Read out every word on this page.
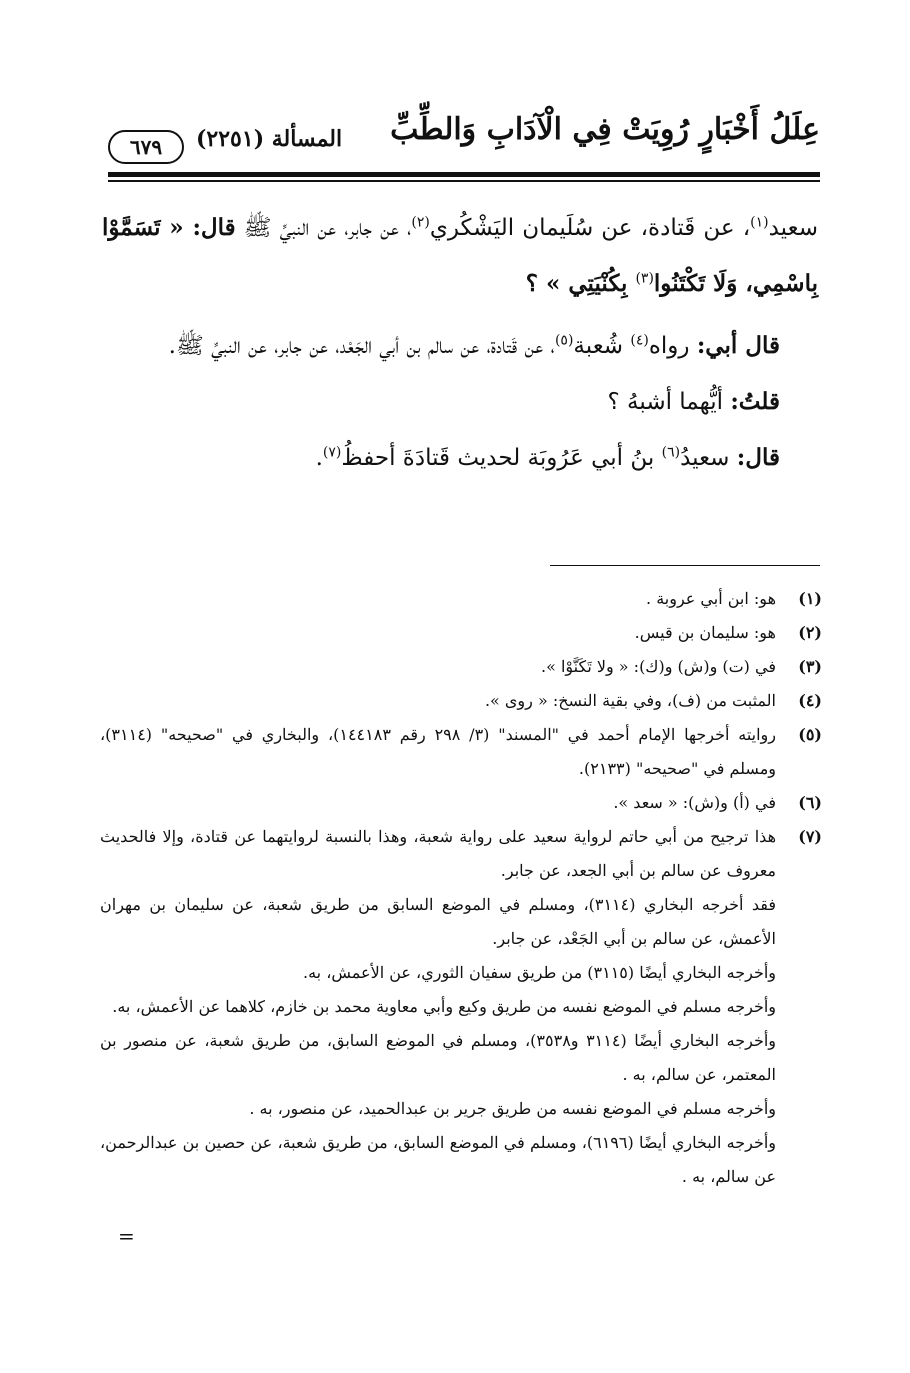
عِلَلُ أَخْبَارٍ رُوِيَتْ فِي الْآدَابِ وَالطِّبِّ
المسألة (٢٢٥١)
٦٧٩

سعيد$^{(١)}$، عن قَتادة، عن سُلَيمان اليَشْكُري$^{(٢)}$، عن جابر، عن النبيِّ ﷺ قال: « تَسَمَّوْا بِاسْمِي، وَلَا تَكْتَنُوا$^{(٣)}$ بِكُنْيَتِي » ؟

قال أبي: رواه$^{(٤)}$ شُعبة$^{(٥)}$، عن قَتادة، عن سالم بن أبي الجَعْد، عن جابر، عن النبيِّ ﷺ.

قلتُ: أيُّهما أشبهُ ؟

قال: سعيدُ$^{(٦)}$ بنُ أبي عَرُوبَة لحديث قَتادَةَ أحفظُ$^{(٧)}$.

(١)
هو: ابن أبي عروبة .

(٢)
هو: سليمان بن قيس.

(٣)
في (ت) و(ش) و(ك): « ولا تَكَنَّوْا ».

(٤)
المثبت من (ف)، وفي بقية النسخ: « روى ».

(٥)
روايته أخرجها الإمام أحمد في "المسند" (٣/ ٢٩٨ رقم ١٤٤١٨٣)، والبخاري في "صحيحه" (٣١١٤)، ومسلم في "صحيحه" (٢١٣٣).

(٦)
في (أ) و(ش): « سعد ».

(٧)
هذا ترجيح من أبي حاتم لرواية سعيد على رواية شعبة، وهذا بالنسبة لروايتهما عن قتادة، وإلا فالحديث معروف عن سالم بن أبي الجعد، عن جابر.

فقد أخرجه البخاري (٣١١٤)، ومسلم في الموضع السابق من طريق شعبة، عن سليمان بن مهران الأعمش، عن سالم بن أبي الجَعْد، عن جابر.

وأخرجه البخاري أيضًا (٣١١٥) من طريق سفيان الثوري، عن الأعمش، به.

وأخرجه مسلم في الموضع نفسه من طريق وكيع وأبي معاوية محمد بن خازم، كلاهما عن الأعمش، به.

وأخرجه البخاري أيضًا (٣١١٤ و٣٥٣٨)، ومسلم في الموضع السابق، من طريق شعبة، عن منصور بن المعتمر، عن سالم، به .

وأخرجه مسلم في الموضع نفسه من طريق جرير بن عبدالحميد، عن منصور، به .

وأخرجه البخاري أيضًا (٦١٩٦)، ومسلم في الموضع السابق، من طريق شعبة، عن حصين بن عبدالرحمن، عن سالم، به .

=
